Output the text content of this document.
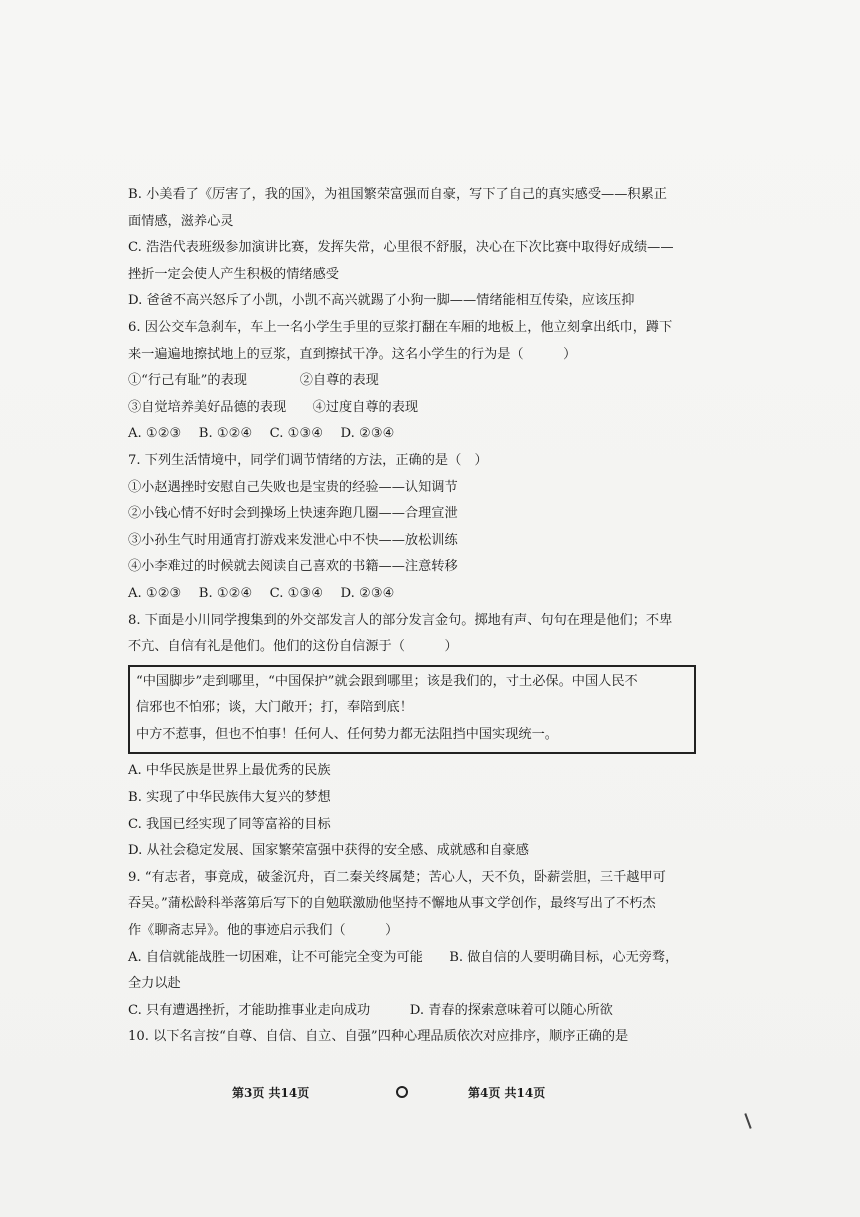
B. 小美看了《厉害了，我的国》，为祖国繁荣富强而自豪，写下了自己的真实感受——积累正
面情感，滋养心灵
C. 浩浩代表班级参加演讲比赛，发挥失常，心里很不舒服，决心在下次比赛中取得好成绩——
挫折一定会使人产生积极的情绪感受
D. 爸爸不高兴怒斥了小凯，小凯不高兴就踢了小狗一脚——情绪能相互传染，应该压抑
6. 因公交车急刹车，车上一名小学生手里的豆浆打翻在车厢的地板上，他立刻拿出纸巾，蹲下
来一遍遍地擦拭地上的豆浆，直到擦拭干净。这名小学生的行为是（　　　）
①“行己有耻”的表现　　　　②自尊的表现
③自觉培养美好品德的表现　　④过度自尊的表现
A. ①②③　 B. ①②④　 C. ①③④　 D. ②③④
7. 下列生活情境中，同学们调节情绪的方法，正确的是（　）
①小赵遇挫时安慰自己失败也是宝贵的经验——认知调节
②小钱心情不好时会到操场上快速奔跑几圈——合理宣泄
③小孙生气时用通宵打游戏来发泄心中不快——放松训练
④小李难过的时候就去阅读自己喜欢的书籍——注意转移
A. ①②③　 B. ①②④　 C. ①③④　 D. ②③④
8. 下面是小川同学搜集到的外交部发言人的部分发言金句。掷地有声、句句在理是他们；不卑
不亢、自信有礼是他们。他们的这份自信源于（　　　）
“中国脚步”走到哪里，“中国保护”就会跟到哪里；该是我们的，寸土必保。中国人民不
信邪也不怕邪；谈，大门敞开；打，奉陪到底！
中方不惹事，但也不怕事！任何人、任何势力都无法阻挡中国实现统一。
A. 中华民族是世界上最优秀的民族
B. 实现了中华民族伟大复兴的梦想
C. 我国已经实现了同等富裕的目标
D. 从社会稳定发展、国家繁荣富强中获得的安全感、成就感和自豪感
9. “有志者，事竟成，破釜沉舟，百二秦关终属楚；苦心人，天不负，卧薪尝胆，三千越甲可
吞吴。”蒲松龄科举落第后写下的自勉联激励他坚持不懈地从事文学创作，最终写出了不朽杰
作《聊斋志异》。他的事迹启示我们（　　　）
A. 自信就能战胜一切困难，让不可能完全变为可能　　B. 做自信的人要明确目标，心无旁骛，
全力以赴
C. 只有遭遇挫折，才能助推事业走向成功　　　D. 青春的探索意味着可以随心所欲
10. 以下名言按“自尊、自信、自立、自强”四种心理品质依次对应排序，顺序正确的是
第3页 共14页	第4页 共14页
